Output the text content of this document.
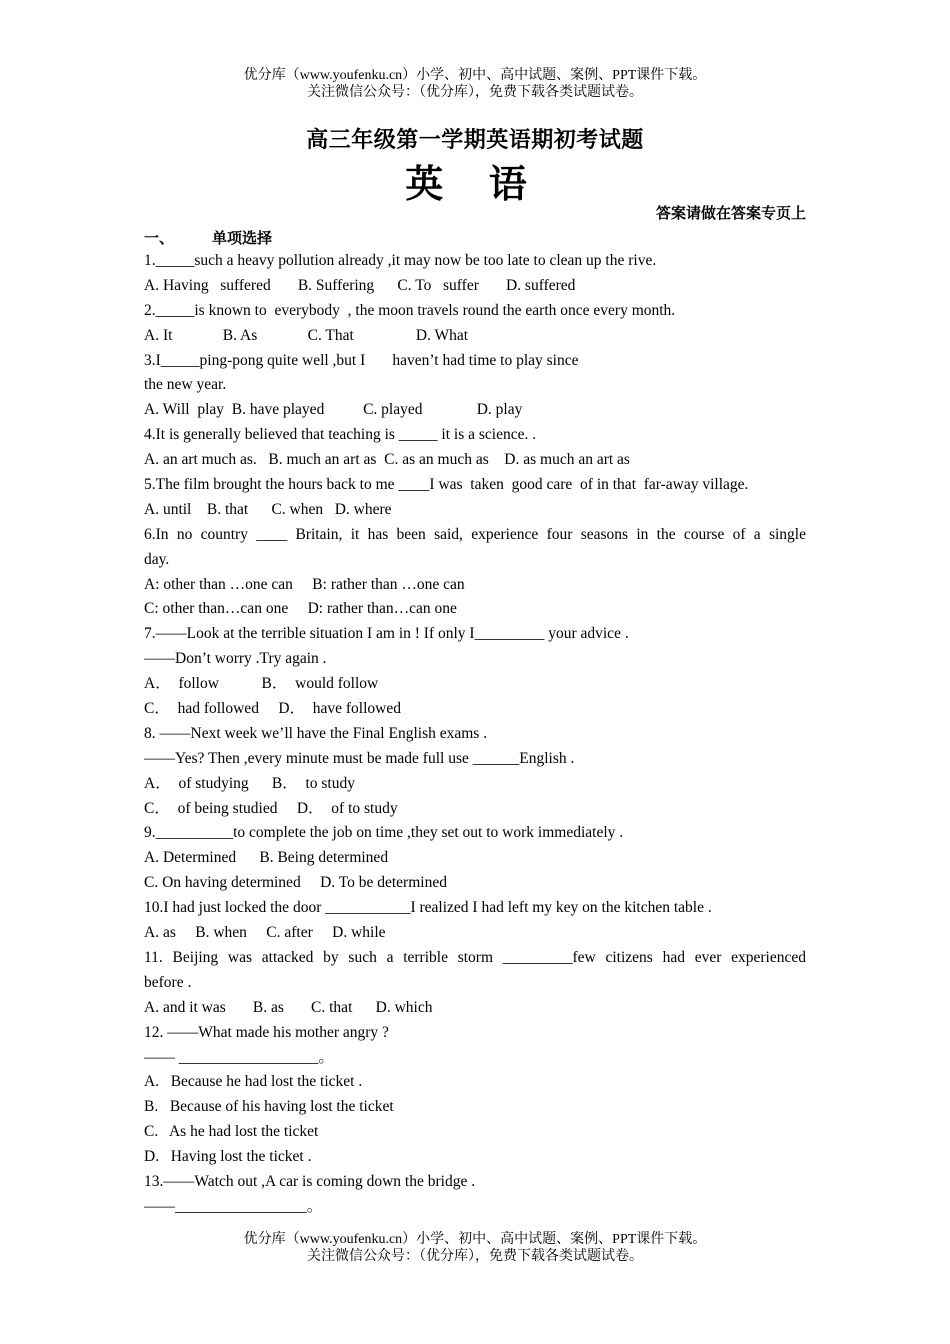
优分库（www.youfenku.cn）小学、初中、高中试题、案例、PPT课件下载。
关注微信公众号：（优分库），免费下载各类试题试卷。
高三年级第一学期英语期初考试题
英 语
答案请做在答案专页上
一、	单项选择
1._____such a heavy pollution already ,it may now be too late to clean up the rive.
A. Having   suffered       B. Suffering      C. To   suffer       D. suffered
2._____is known to  everybody  , the moon travels round the earth once every month.
A. It             B. As             C. That                D. What
3.I_____ping-pong quite well ,but I       haven’t had time to play since
the new year.
A. Will  play  B. have played          C. played              D. play
4.It is generally believed that teaching is _____ it is a science. .
A. an art much as.   B. much an art as  C. as an much as    D. as much an art as
5.The film brought the hours back to me ____I was  taken  good care  of in that  far-away village.
A. until    B. that      C. when   D. where
6.In no country ____ Britain, it has been said, experience four seasons in the course of a single
day.
A: other than …one can     B: rather than …one can
C: other than…can one     D: rather than…can one
7.——Look at the terrible situation I am in ! If only I_________ your advice .
——Don’t worry .Try again .
A．  follow           B．  would follow
C．  had followed     D．  have followed
8. ——Next week we’ll have the Final English exams .
——Yes? Then ,every minute must be made full use ______English .
A．  of studying      B．  to study
C．  of being studied     D．  of to study
9.__________to complete the job on time ,they set out to work immediately .
A. Determined      B. Being determined
C. On having determined     D. To be determined
10.I had just locked the door ___________I realized I had left my key on the kitchen table .
A. as     B. when     C. after     D. while
11. Beijing was attacked by such a terrible storm _________few citizens had ever experienced
before .
A. and it was       B. as       C. that      D. which
12. ——What made his mother angry ?
—— __________________。
A.   Because he had lost the ticket .
B.   Because of his having lost the ticket
C.   As he had lost the ticket
D.   Having lost the ticket .
13.——Watch out ,A car is coming down the bridge .
——_________________。
优分库（www.youfenku.cn）小学、初中、高中试题、案例、PPT课件下载。
关注微信公众号：（优分库），免费下载各类试题试卷。
